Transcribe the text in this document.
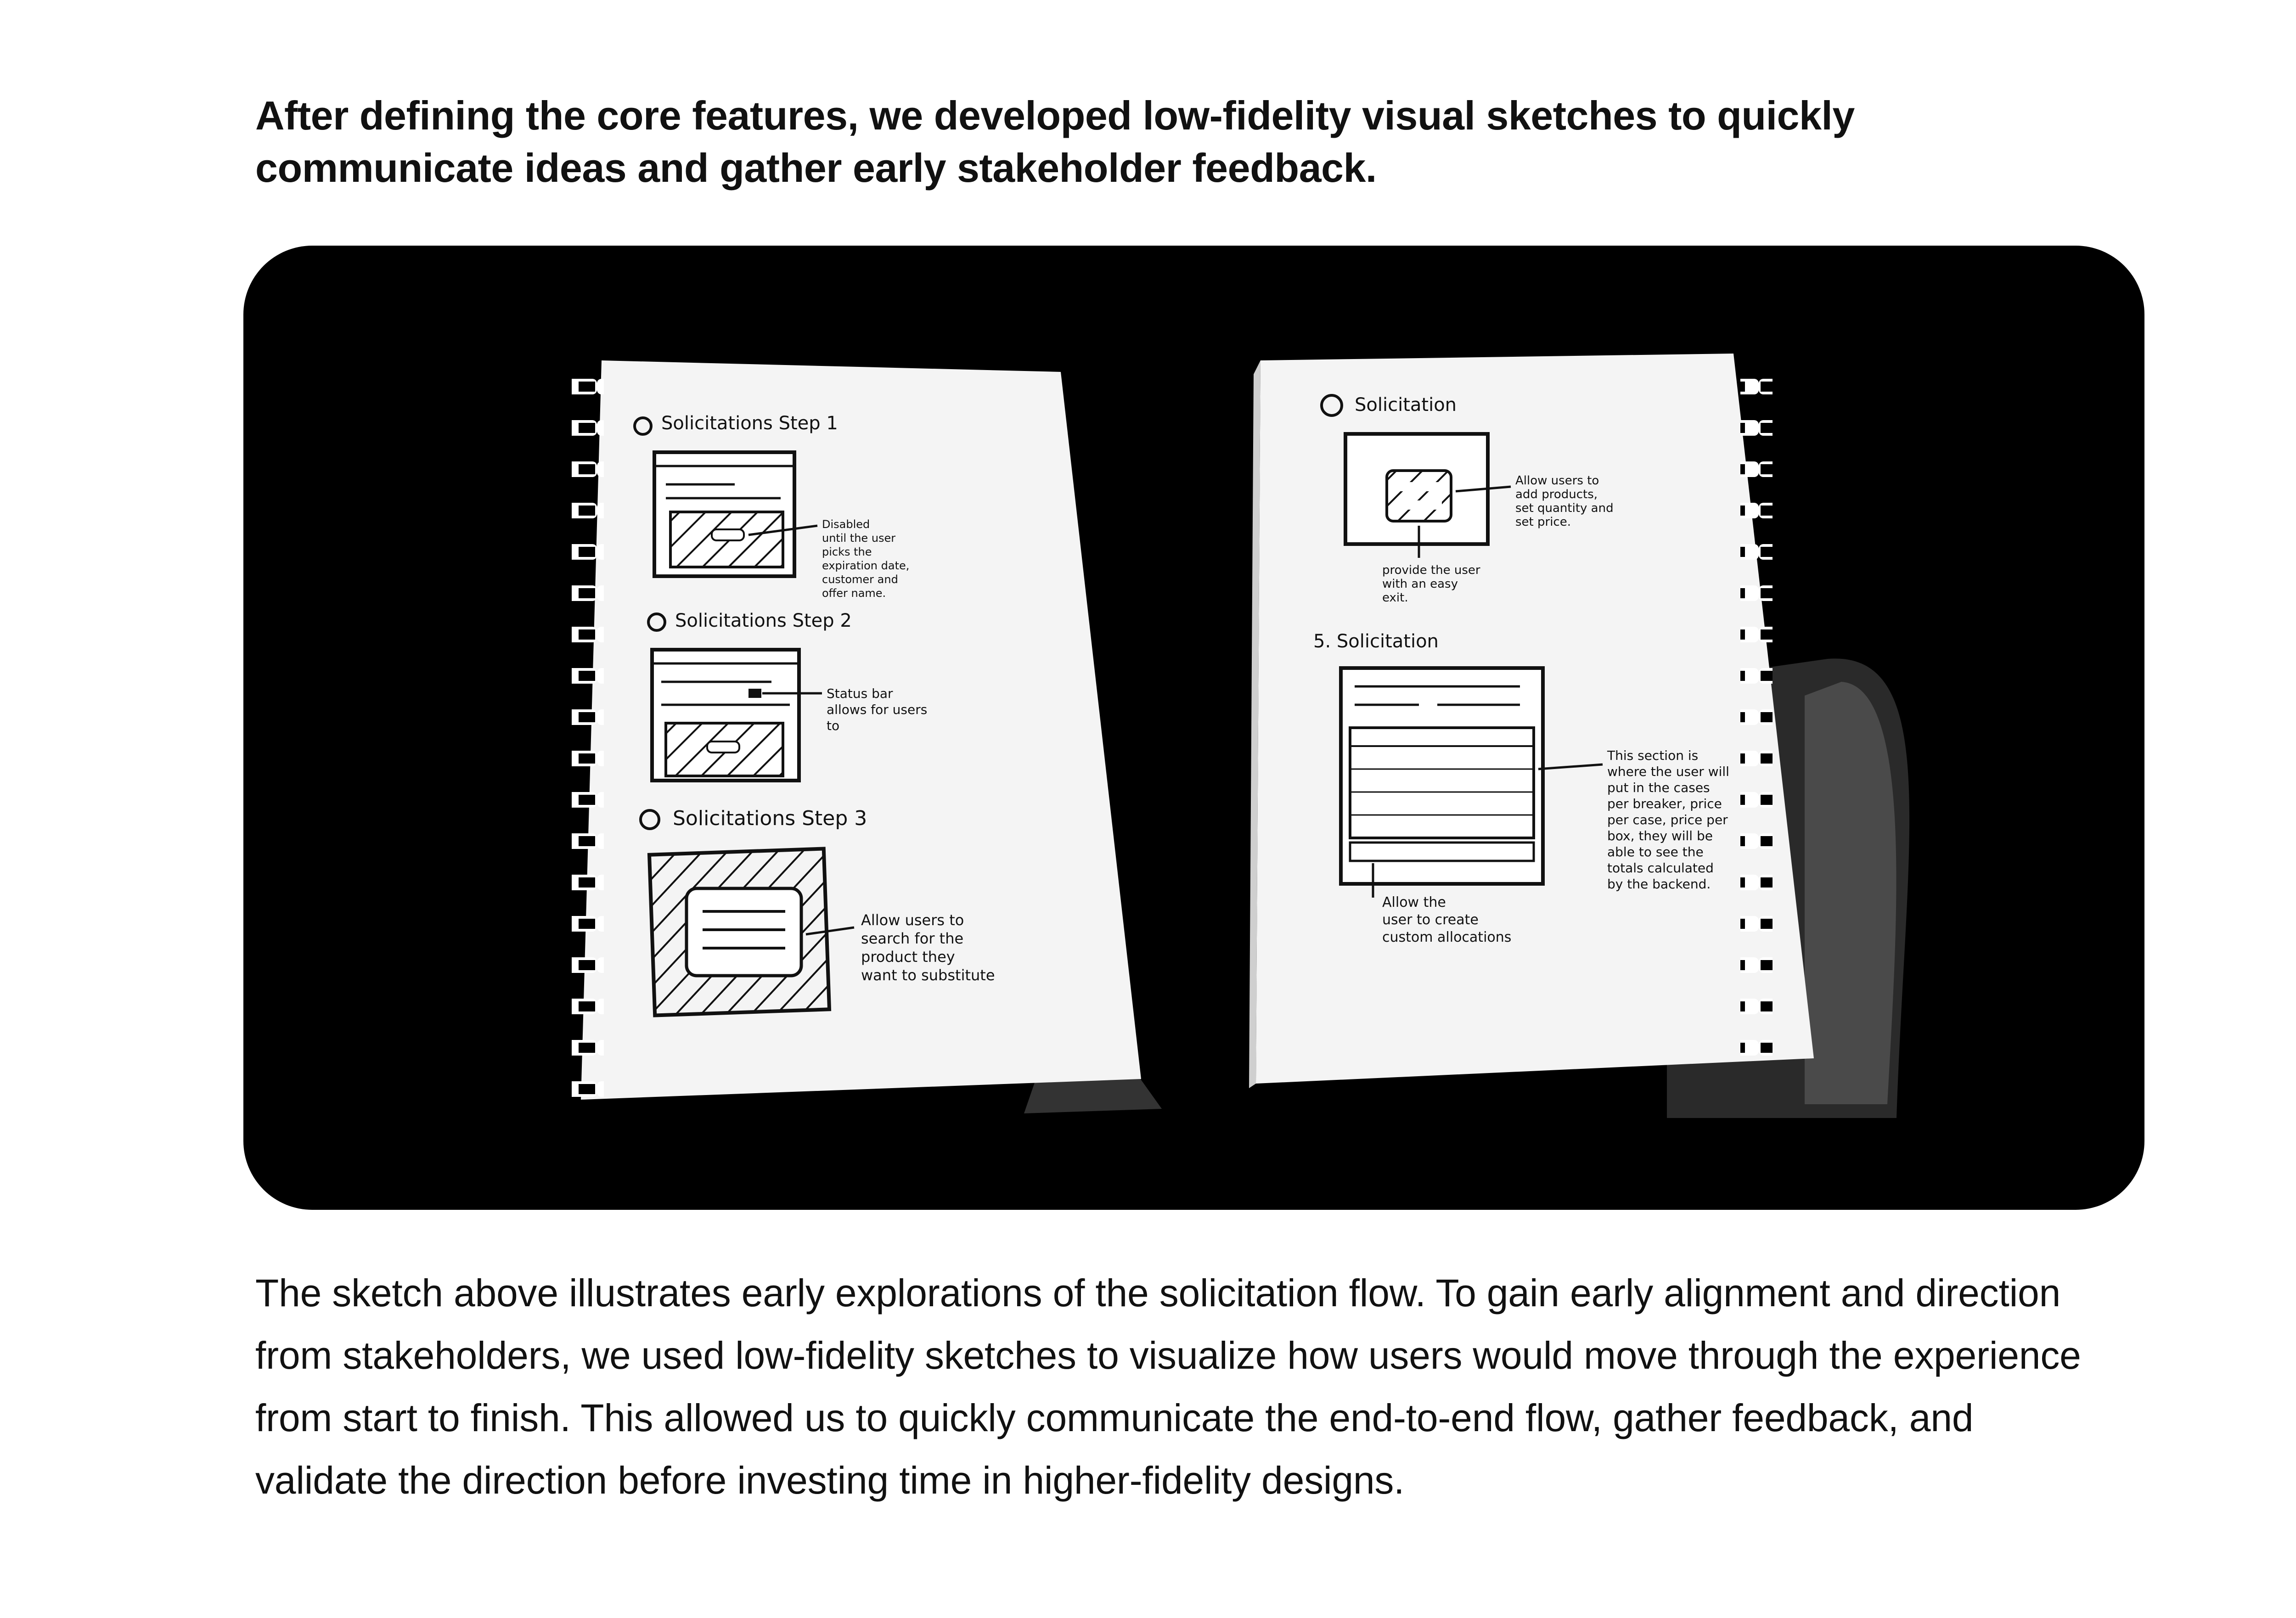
After defining the core features, we developed low-fidelity visual sketches to quickly communicate ideas and gather early stakeholder feedback.

Solicitations Step 1
Disabled
until the user
picks the
expiration date,
customer and
offer name.
Solicitations Step 2
Status bar
allows for users
to
Solicitations Step 3
Allow users to
search for the
product they
want to substitute
Solicitation
Allow users to
add products,
set quantity and
set price.
provide the user
with an easy
exit.
5. Solicitation
This section is
where the user will
put in the cases
per breaker, price
per case, price per
box, they will be
able to see the
totals calculated
by the backend.
Allow the
user to create
custom allocations

The sketch above illustrates early explorations of the solicitation flow. To gain early alignment and direction from stakeholders, we used low-fidelity sketches to visualize how users would move through the experience from start to finish. This allowed us to quickly communicate the end-to-end flow, gather feedback, and validate the direction before investing time in higher-fidelity designs.
